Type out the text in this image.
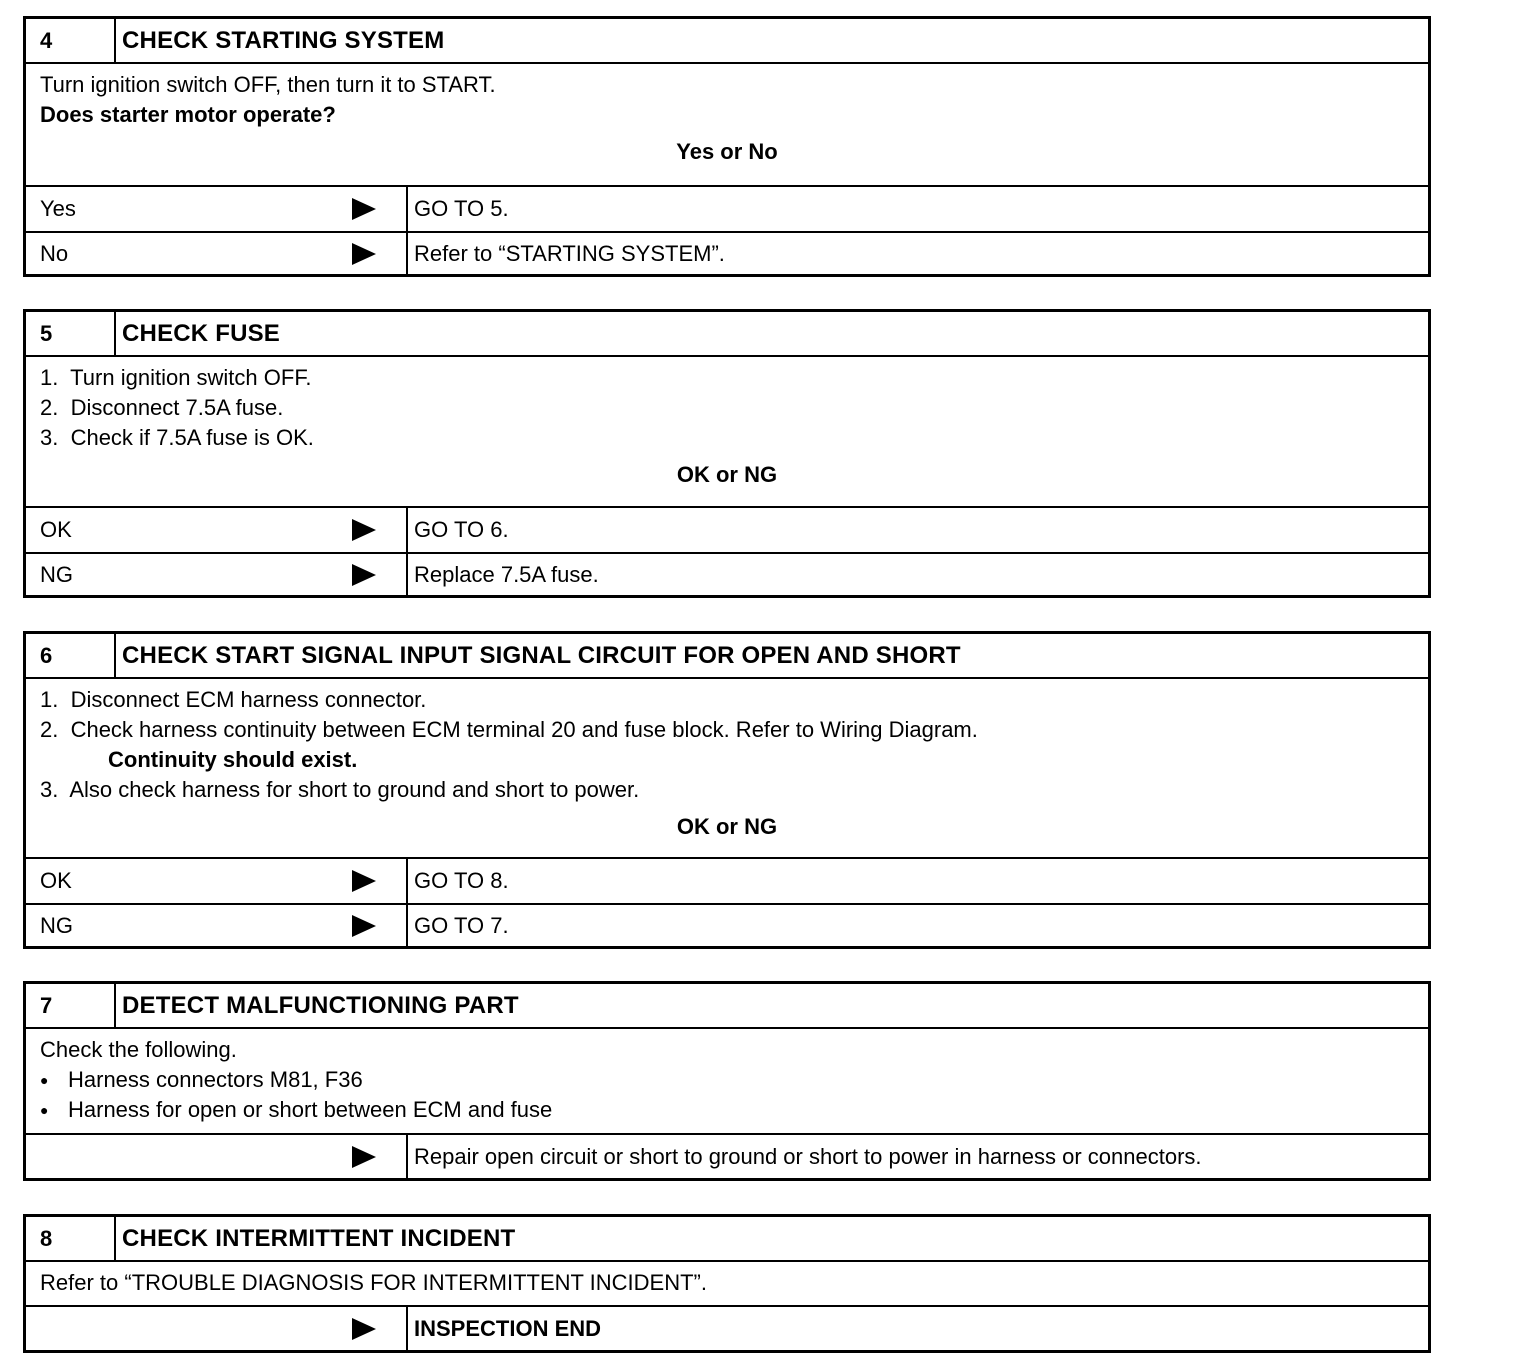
4	CHECK STARTING SYSTEM
Turn ignition switch OFF, then turn it to START.
Does starter motor operate?
Yes or No
Yes	GO TO 5.
No	Refer to “STARTING SYSTEM”.
5	CHECK FUSE
1.  Turn ignition switch OFF.
2.  Disconnect 7.5A fuse.
3.  Check if 7.5A fuse is OK.
OK or NG
OK	GO TO 6.
NG	Replace 7.5A fuse.
6	CHECK START SIGNAL INPUT SIGNAL CIRCUIT FOR OPEN AND SHORT
1.  Disconnect ECM harness connector.
2.  Check harness continuity between ECM terminal 20 and fuse block. Refer to Wiring Diagram.
Continuity should exist.
3.  Also check harness for short to ground and short to power.
OK or NG
OK	GO TO 8.
NG	GO TO 7.
7	DETECT MALFUNCTIONING PART
Check the following.
● Harness connectors M81, F36
● Harness for open or short between ECM and fuse
Repair open circuit or short to ground or short to power in harness or connectors.
8	CHECK INTERMITTENT INCIDENT
Refer to “TROUBLE DIAGNOSIS FOR INTERMITTENT INCIDENT”.
INSPECTION END
